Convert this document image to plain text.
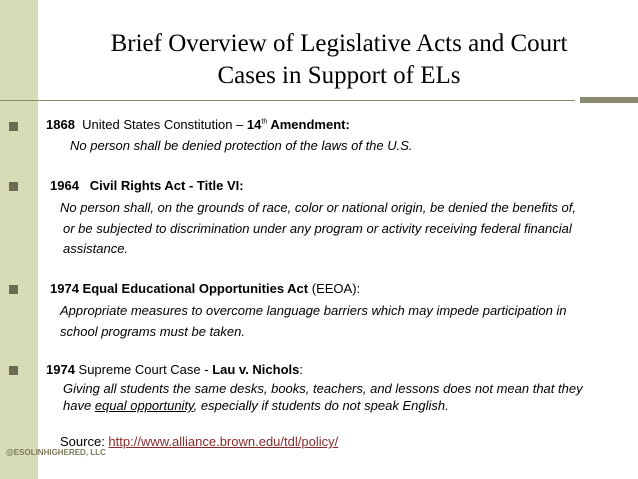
Brief Overview of Legislative Acts and Court
Cases in Support of ELs
1868 United States Constitution – 14th Amendment:
No person shall be denied protection of the laws of the U.S.
1964 Civil Rights Act - Title VI:
No person shall, on the grounds of race, color or national origin, be denied the benefits of,
or be subjected to discrimination under any program or activity receiving federal financial
assistance.
1974 Equal Educational Opportunities Act (EEOA):
Appropriate measures to overcome language barriers which may impede participation in
school programs must be taken.
1974 Supreme Court Case - Lau v. Nichols:
Giving all students the same desks, books, teachers, and lessons does not mean that they
have equal opportunity, especially if students do not speak English.
Source: http://www.alliance.brown.edu/tdl/policy/
@ESOLINHIGHERED, LLC
